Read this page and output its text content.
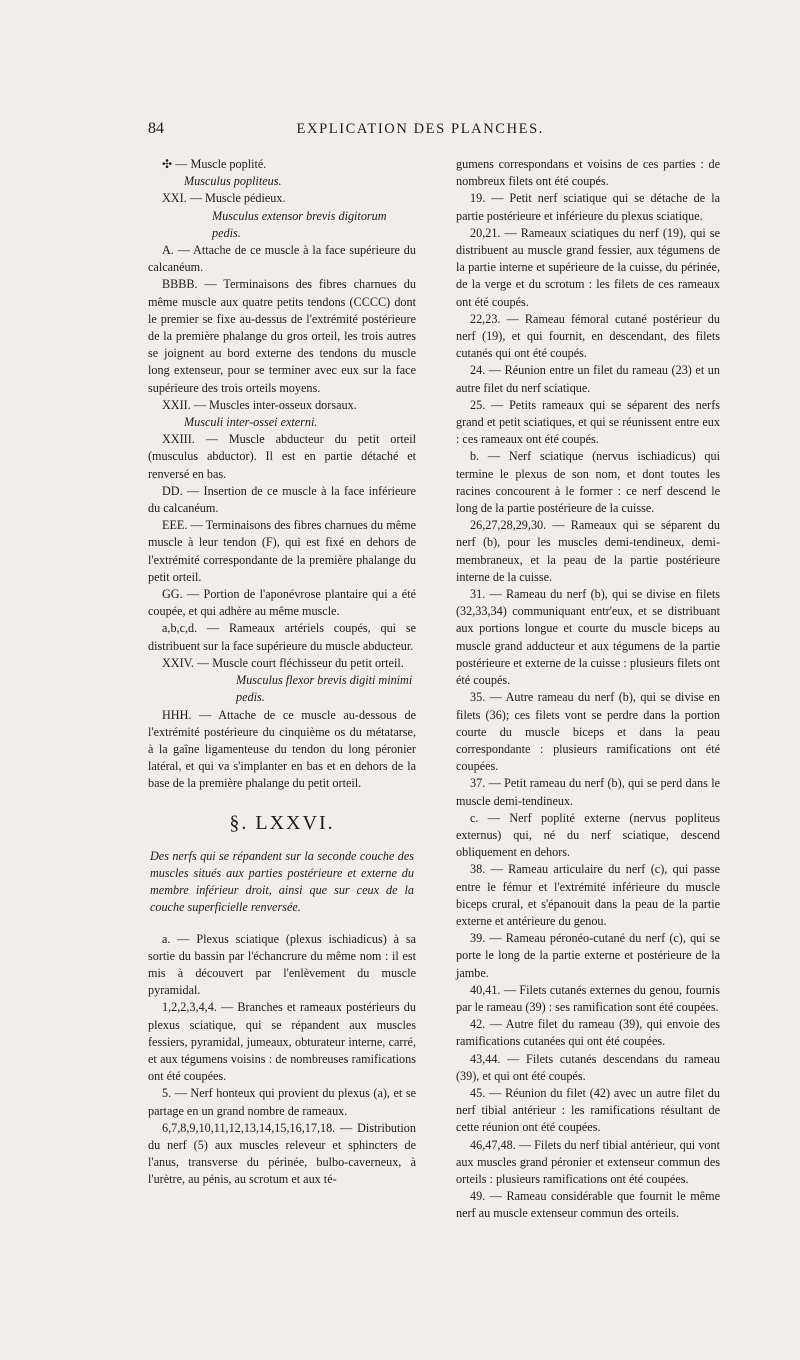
84	EXPLICATION DES PLANCHES.

✣ — Muscle poplité.

Musculus popliteus.

XXI. — Muscle pédieux.

Musculus extensor brevis digitorum

pedis.

A. — Attache de ce muscle à la face supérieure du calcanéum.

BBBB. — Terminaisons des fibres charnues du même muscle aux quatre petits tendons (CCCC) dont le premier se fixe au-dessus de l'extrémité postérieure de la première phalange du gros orteil, les trois autres se joignent au bord externe des tendons du muscle long extenseur, pour se terminer avec eux sur la face supérieure des trois orteils moyens.

XXII. — Muscles inter-osseux dorsaux.

Musculi inter-ossei externi.

XXIII. — Muscle abducteur du petit orteil (musculus abductor). Il est en partie détaché et renversé en bas.

DD. — Insertion de ce muscle à la face inférieure du calcanéum.

EEE. — Terminaisons des fibres charnues du même muscle à leur tendon (F), qui est fixé en dehors de l'extrémité correspondante de la première phalange du petit orteil.

GG. — Portion de l'aponévrose plantaire qui a été coupée, et qui adhère au même muscle.

a,b,c,d. — Rameaux artériels coupés, qui se distribuent sur la face supérieure du muscle abducteur.

XXIV. — Muscle court fléchisseur du petit orteil.

Musculus flexor brevis digiti minimi

pedis.

HHH. — Attache de ce muscle au-dessous de l'extrémité postérieure du cinquième os du métatarse, à la gaîne ligamenteuse du tendon du long péronier latéral, et qui va s'implanter en bas et en dehors de la base de la première phalange du petit orteil.

§. LXXVI.
Des nerfs qui se répandent sur la seconde couche des muscles situés aux parties postérieure et externe du membre inférieur droit, ainsi que sur ceux de la couche superficielle renversée.

a. — Plexus sciatique (plexus ischiadicus) à sa sortie du bassin par l'échancrure du même nom : il est mis à découvert par l'enlèvement du muscle pyramidal.

1,2,2,3,4,4. — Branches et rameaux postérieurs du plexus sciatique, qui se répandent aux muscles fessiers, pyramidal, jumeaux, obturateur interne, carré, et aux tégumens voisins : de nombreuses ramifications ont été coupées.

5. — Nerf honteux qui provient du plexus (a), et se partage en un grand nombre de rameaux.

6,7,8,9,10,11,12,13,14,15,16,17,18. — Distribution du nerf (5) aux muscles releveur et sphincters de l'anus, transverse du périnée, bulbo-caverneux, à l'urètre, au pénis, au scrotum et aux té-

gumens correspondans et voisins de ces parties : de nombreux filets ont été coupés.

19. — Petit nerf sciatique qui se détache de la partie postérieure et inférieure du plexus sciatique.

20,21. — Rameaux sciatiques du nerf (19), qui se distribuent au muscle grand fessier, aux tégumens de la partie interne et supérieure de la cuisse, du périnée, de la verge et du scrotum : les filets de ces rameaux ont été coupés.

22,23. — Rameau fémoral cutané postérieur du nerf (19), et qui fournit, en descendant, des filets cutanés qui ont été coupés.

24. — Réunion entre un filet du rameau (23) et un autre filet du nerf sciatique.

25. — Petits rameaux qui se séparent des nerfs grand et petit sciatiques, et qui se réunissent entre eux : ces rameaux ont été coupés.

b. — Nerf sciatique (nervus ischiadicus) qui termine le plexus de son nom, et dont toutes les racines concourent à le former : ce nerf descend le long de la partie postérieure de la cuisse.

26,27,28,29,30. — Rameaux qui se séparent du nerf (b), pour les muscles demi-tendineux, demi-membraneux, et la peau de la partie postérieure interne de la cuisse.

31. — Rameau du nerf (b), qui se divise en filets (32,33,34) communiquant entr'eux, et se distribuant aux portions longue et courte du muscle biceps au muscle grand adducteur et aux tégumens de la partie postérieure et externe de la cuisse : plusieurs filets ont été coupés.

35. — Autre rameau du nerf (b), qui se divise en filets (36); ces filets vont se perdre dans la portion courte du muscle biceps et dans la peau correspondante : plusieurs ramifications ont été coupées.

37. — Petit rameau du nerf (b), qui se perd dans le muscle demi-tendineux.

c. — Nerf poplité externe (nervus popliteus externus) qui, né du nerf sciatique, descend obliquement en dehors.

38. — Rameau articulaire du nerf (c), qui passe entre le fémur et l'extrémité inférieure du muscle biceps crural, et s'épanouit dans la peau de la partie externe et antérieure du genou.

39. — Rameau péronéo-cutané du nerf (c), qui se porte le long de la partie externe et postérieure de la jambe.

40,41. — Filets cutanés externes du genou, fournis par le rameau (39) : ses ramification sont été coupées.

42. — Autre filet du rameau (39), qui envoie des ramifications cutanées qui ont été coupées.

43,44. — Filets cutanés descendans du rameau (39), et qui ont été coupés.

45. — Réunion du filet (42) avec un autre filet du nerf tibial antérieur : les ramifications résultant de cette réunion ont été coupées.

46,47,48. — Filets du nerf tibial antérieur, qui vont aux muscles grand péronier et extenseur commun des orteils : plusieurs ramifications ont été coupées.

49. — Rameau considérable que fournit le même nerf au muscle extenseur commun des orteils.
